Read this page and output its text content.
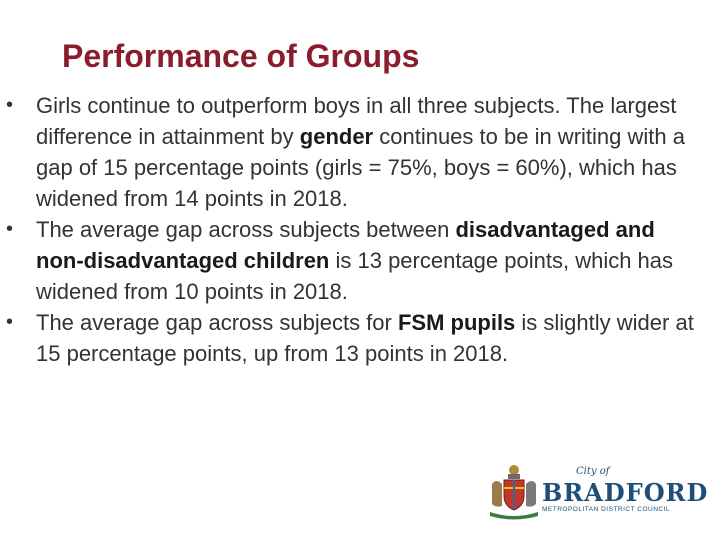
Performance of Groups
• Girls continue to outperform boys in all three subjects. The largest difference in attainment by gender continues to be in writing with a gap of 15 percentage points (girls = 75%, boys = 60%), which has widened from 14 points in 2018.
• The average gap across subjects between disadvantaged and non-disadvantaged children is 13 percentage points, which has widened from 10 points in 2018.
• The average gap across subjects for FSM pupils is slightly wider at 15 percentage points, up from 13 points in 2018.
City of
BRADFORD
METROPOLITAN DISTRICT COUNCIL
